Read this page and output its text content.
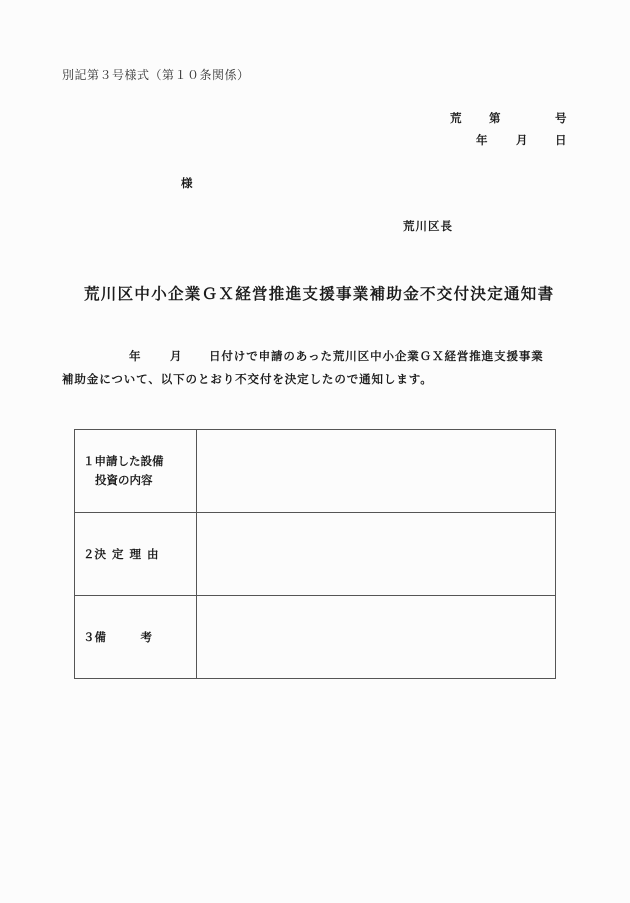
別記第３号様式（第１０条関係）
荒 第	号
年 月 日
様
荒川区長
荒川区中小企業ＧＸ経営推進支援事業補助金不交付決定通知書
年 月 日付けで申請のあった荒川区中小企業ＧＸ経営推進支援事業
補助金について、以下のとおり不交付を決定したので通知します。
１申請した設備
投資の内容	

２決 定 理 由	

３備　　　考	
